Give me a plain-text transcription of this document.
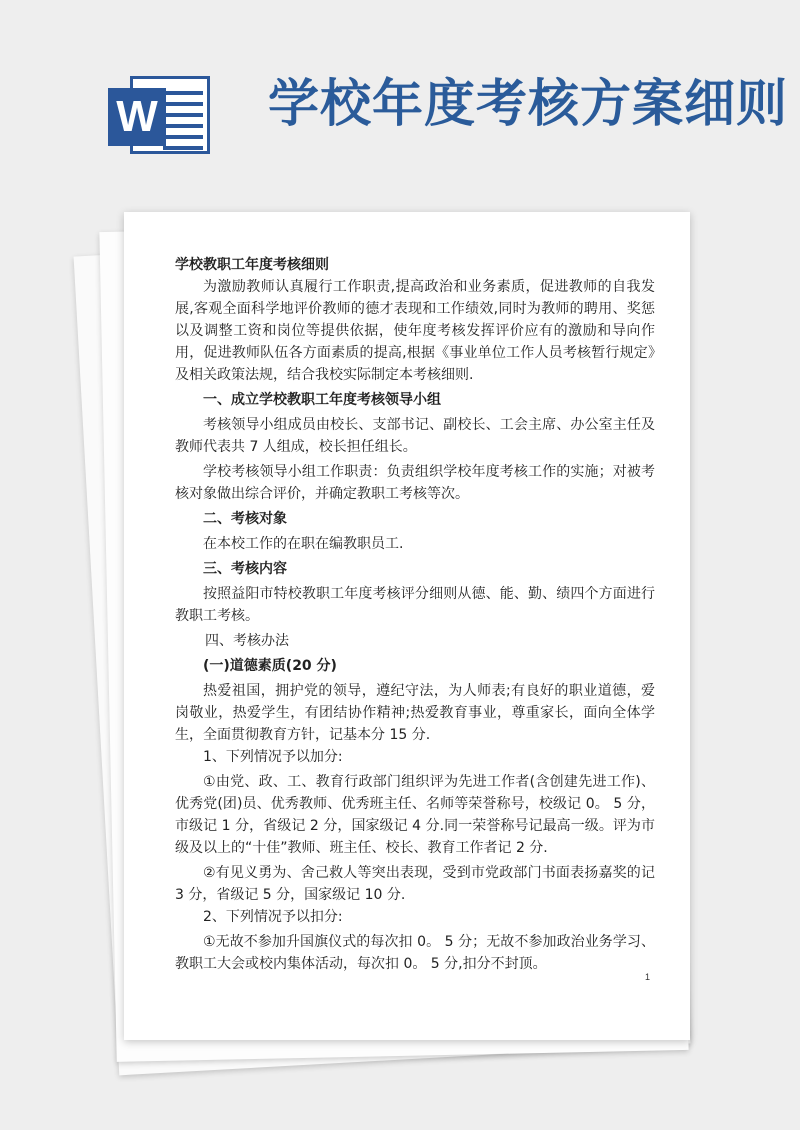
W 学校年度考核方案细则

学校教职工年度考核细则

为激励教师认真履行工作职责,提高政治和业务素质，促进教师的自我发展,客观全面科学地评价教师的德才表现和工作绩效,同时为教师的聘用、奖惩以及调整工资和岗位等提供依据，使年度考核发挥评价应有的激励和导向作用，促进教师队伍各方面素质的提高,根据《事业单位工作人员考核暂行规定》及相关政策法规，结合我校实际制定本考核细则.

一、成立学校教职工年度考核领导小组

考核领导小组成员由校长、支部书记、副校长、工会主席、办公室主任及教师代表共 7 人组成，校长担任组长。

学校考核领导小组工作职责：负责组织学校年度考核工作的实施；对被考核对象做出综合评价，并确定教职工考核等次。

二、考核对象

在本校工作的在职在编教职员工.

三、考核内容

按照益阳市特校教职工年度考核评分细则从德、能、勤、绩四个方面进行教职工考核。

四、考核办法

(一)道德素质(20 分)

热爱祖国，拥护党的领导，遵纪守法，为人师表;有良好的职业道德，爱岗敬业，热爱学生，有团结协作精神;热爱教育事业，尊重家长，面向全体学生，全面贯彻教育方针，记基本分 15 分.

1、下列情况予以加分:

①由党、政、工、教育行政部门组织评为先进工作者(含创建先进工作)、优秀党(团)员、优秀教师、优秀班主任、名师等荣誉称号，校级记 0。 5 分，市级记 1 分，省级记 2 分，国家级记 4 分.同一荣誉称号记最高一级。评为市级及以上的“十佳”教师、班主任、校长、教育工作者记 2 分.

②有见义勇为、舍己救人等突出表现，受到市党政部门书面表扬嘉奖的记 3 分，省级记 5 分，国家级记 10 分.

2、下列情况予以扣分:

①无故不参加升国旗仪式的每次扣 0。 5 分；无故不参加政治业务学习、教职工大会或校内集体活动，每次扣 0。 5 分,扣分不封顶。

1
